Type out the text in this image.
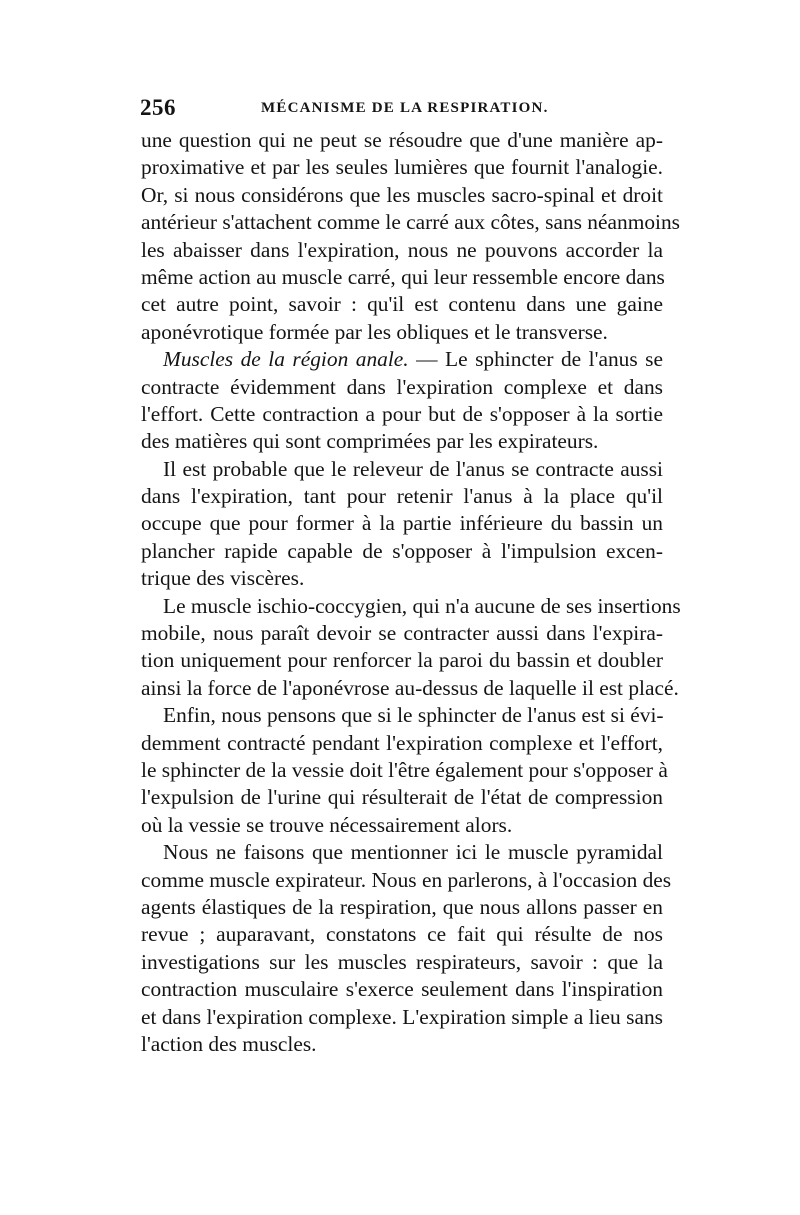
256	MÉCANISME DE LA RESPIRATION.
une question qui ne peut se résoudre que d'une manière ap-
proximative et par les seules lumières que fournit l'analogie.
Or, si nous considérons que les muscles sacro-spinal et droit
antérieur s'attachent comme le carré aux côtes, sans néanmoins
les abaisser dans l'expiration, nous ne pouvons accorder la
même action au muscle carré, qui leur ressemble encore dans
cet autre point, savoir : qu'il est contenu dans une gaine
aponévrotique formée par les obliques et le transverse.
Muscles de la région anale. — Le sphincter de l'anus se
contracte évidemment dans l'expiration complexe et dans
l'effort. Cette contraction a pour but de s'opposer à la sortie
des matières qui sont comprimées par les expirateurs.
Il est probable que le releveur de l'anus se contracte aussi
dans l'expiration, tant pour retenir l'anus à la place qu'il
occupe que pour former à la partie inférieure du bassin un
plancher rapide capable de s'opposer à l'impulsion excen-
trique des viscères.
Le muscle ischio-coccygien, qui n'a aucune de ses insertions
mobile, nous paraît devoir se contracter aussi dans l'expira-
tion uniquement pour renforcer la paroi du bassin et doubler
ainsi la force de l'aponévrose au-dessus de laquelle il est placé.
Enfin, nous pensons que si le sphincter de l'anus est si évi-
demment contracté pendant l'expiration complexe et l'effort,
le sphincter de la vessie doit l'être également pour s'opposer à
l'expulsion de l'urine qui résulterait de l'état de compression
où la vessie se trouve nécessairement alors.
Nous ne faisons que mentionner ici le muscle pyramidal
comme muscle expirateur. Nous en parlerons, à l'occasion des
agents élastiques de la respiration, que nous allons passer en
revue ; auparavant, constatons ce fait qui résulte de nos
investigations sur les muscles respirateurs, savoir : que la
contraction musculaire s'exerce seulement dans l'inspiration
et dans l'expiration complexe. L'expiration simple a lieu sans
l'action des muscles.
